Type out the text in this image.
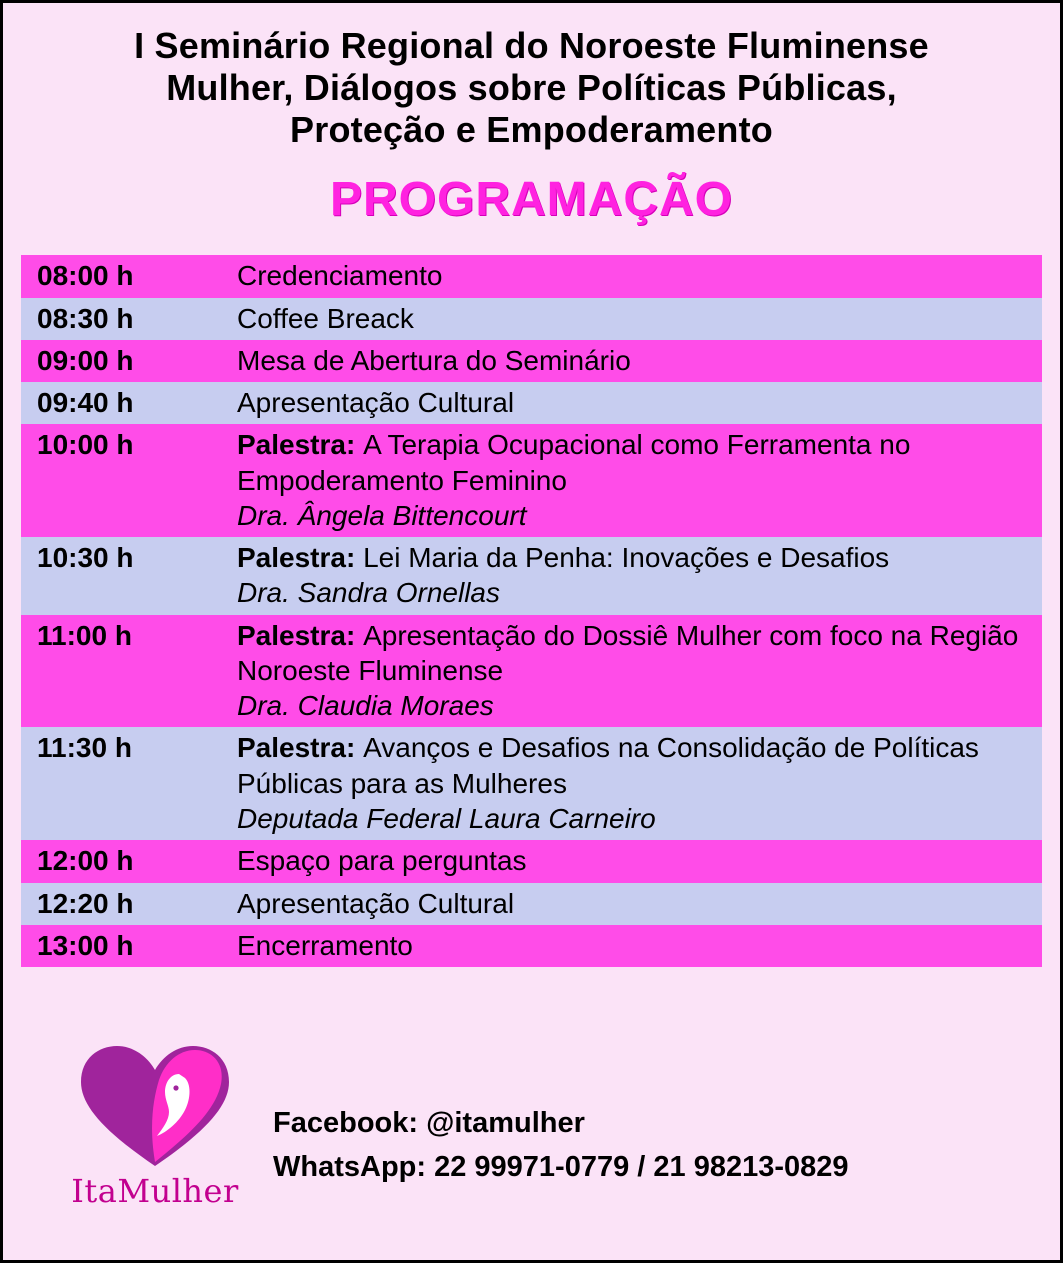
I Seminário Regional do Noroeste Fluminense
Mulher, Diálogos sobre Políticas Públicas,
Proteção e Empoderamento
PROGRAMAÇÃO
08:00 h	Credenciamento
08:30 h	Coffee Breack
09:00 h	Mesa de Abertura do Seminário
09:40 h	Apresentação Cultural
10:00 h	Palestra: A Terapia Ocupacional como Ferramenta no Empoderamento Feminino
Dra. Ângela Bittencourt

10:30 h	Palestra: Lei Maria da Penha: Inovações e Desafios
Dra. Sandra Ornellas

11:00 h	Palestra: Apresentação do Dossiê Mulher com foco na Região Noroeste Fluminense
Dra. Claudia Moraes

11:30 h	Palestra: Avanços e Desafios na Consolidação de Políticas Públicas para as Mulheres
Deputada Federal Laura Carneiro

12:00 h	Espaço para perguntas
12:20 h	Apresentação Cultural
13:00 h	Encerramento
ItaMulher
Facebook: @itamulher
WhatsApp: 22 99971-0779 / 21 98213-0829
